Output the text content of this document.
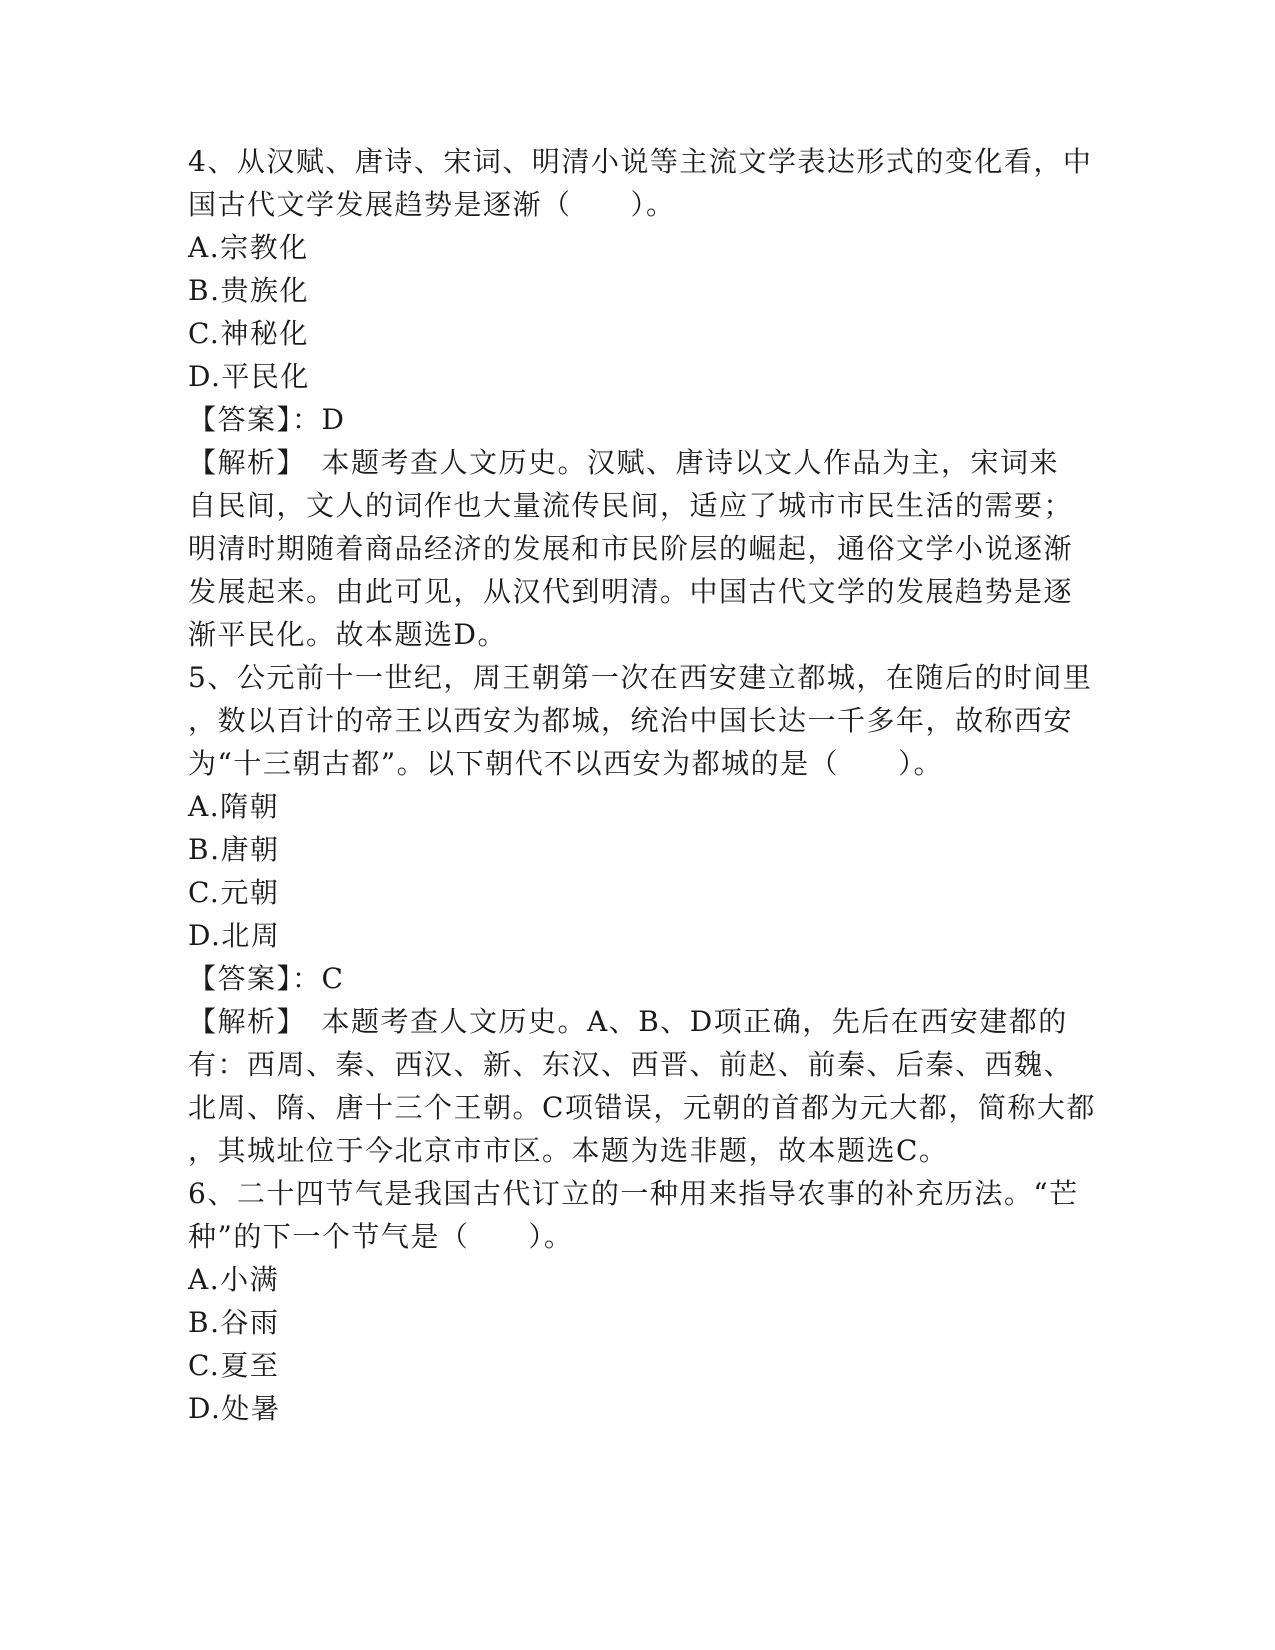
4、从汉赋、唐诗、宋词、明清小说等主流文学表达形式的变化看，中
国古代文学发展趋势是逐渐（　　）。
A.宗教化
B.贵族化
C.神秘化
D.平民化
【答案】：D
【解析】　本题考查人文历史。汉赋、唐诗以文人作品为主，宋词来
自民间，文人的词作也大量流传民间，适应了城市市民生活的需要；
明清时期随着商品经济的发展和市民阶层的崛起，通俗文学小说逐渐
发展起来。由此可见，从汉代到明清。中国古代文学的发展趋势是逐
渐平民化。故本题选D。
5、公元前十一世纪，周王朝第一次在西安建立都城，在随后的时间里
，数以百计的帝王以西安为都城，统治中国长达一千多年，故称西安
为“十三朝古都”。以下朝代不以西安为都城的是（　　）。
A.隋朝
B.唐朝
C.元朝
D.北周
【答案】：C
【解析】　本题考查人文历史。A、B、D项正确，先后在西安建都的
有：西周、秦、西汉、新、东汉、西晋、前赵、前秦、后秦、西魏、
北周、隋、唐十三个王朝。C项错误，元朝的首都为元大都，简称大都
，其城址位于今北京市市区。本题为选非题，故本题选C。
6、二十四节气是我国古代订立的一种用来指导农事的补充历法。“芒
种”的下一个节气是（　　）。
A.小满
B.谷雨
C.夏至
D.处暑
